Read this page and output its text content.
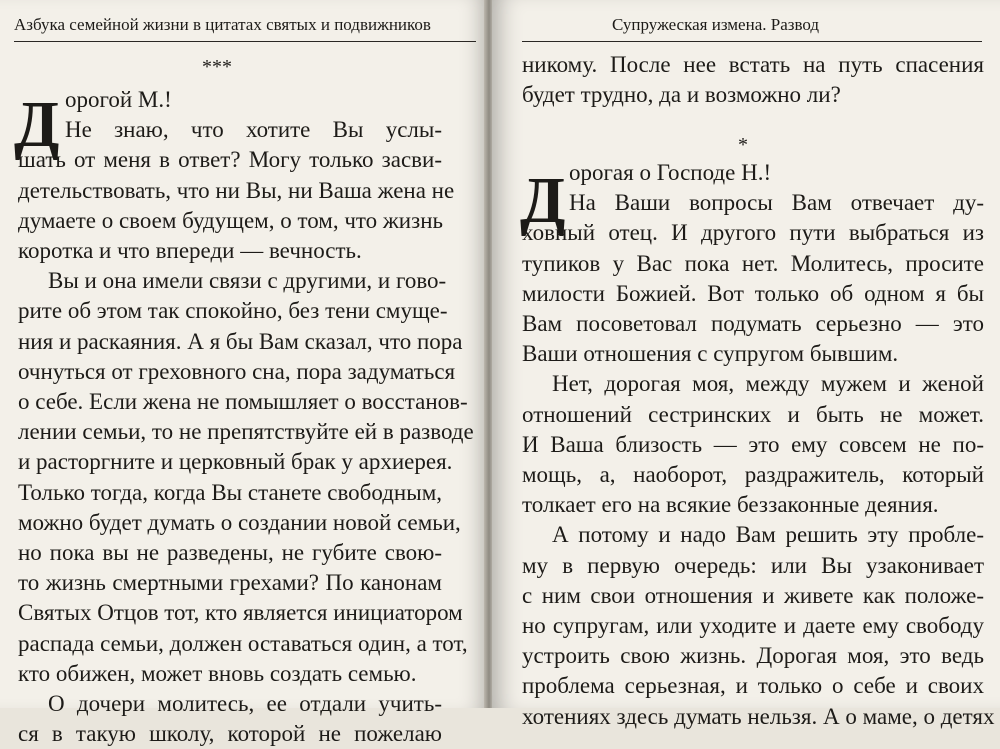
Азбука семейной жизни в цитатах святых и подвижников
***
Д орогой М.!
Не знаю, что хотите Вы услы-
шать от меня в ответ? Могу только засви-
детельствовать, что ни Вы, ни Ваша жена не
думаете о своем будущем, о том, что жизнь
коротка и что впереди — вечность.
Вы и она имели связи с другими, и гово-
рите об этом так спокойно, без тени смуще-
ния и раскаяния. А я бы Вам сказал, что пора
очнуться от греховного сна, пора задуматься
о себе. Если жена не помышляет о восстанов-
лении семьи, то не препятствуйте ей в разводе
и расторгните и церковный брак у архиерея.
Только тогда, когда Вы станете свободным,
можно будет думать о создании новой семьи,
но пока вы не разведены, не губите свою-
то жизнь смертными грехами? По канонам
Святых Отцов тот, кто является инициатором
распада семьи, должен оставаться один, а тот,
кто обижен, может вновь создать семью.
О дочери молитесь, ее отдали учить-
ся в такую школу, которой не пожелаю
Супружеская измена. Развод
никому. После нее встать на путь спасения
будет трудно, да и возможно ли?
*
Д орогая о Господе Н.!
На Ваши вопросы Вам отвечает ду-
ховный отец. И другого пути выбраться из
тупиков у Вас пока нет. Молитесь, просите
милости Божией. Вот только об одном я бы
Вам посоветовал подумать серьезно — это
Ваши отношения с супругом бывшим.
Нет, дорогая моя, между мужем и женой
отношений сестринских и быть не может.
И Ваша близость — это ему совсем не по-
мощь, а, наоборот, раздражитель, который
толкает его на всякие беззаконные деяния.
А потому и надо Вам решить эту пробле-
му в первую очередь: или Вы узаконивает
с ним свои отношения и живете как положе-
но супругам, или уходите и даете ему свободу
устроить свою жизнь. Дорогая моя, это ведь
проблема серьезная, и только о себе и своих
хотениях здесь думать нельзя. А о маме, о детях
